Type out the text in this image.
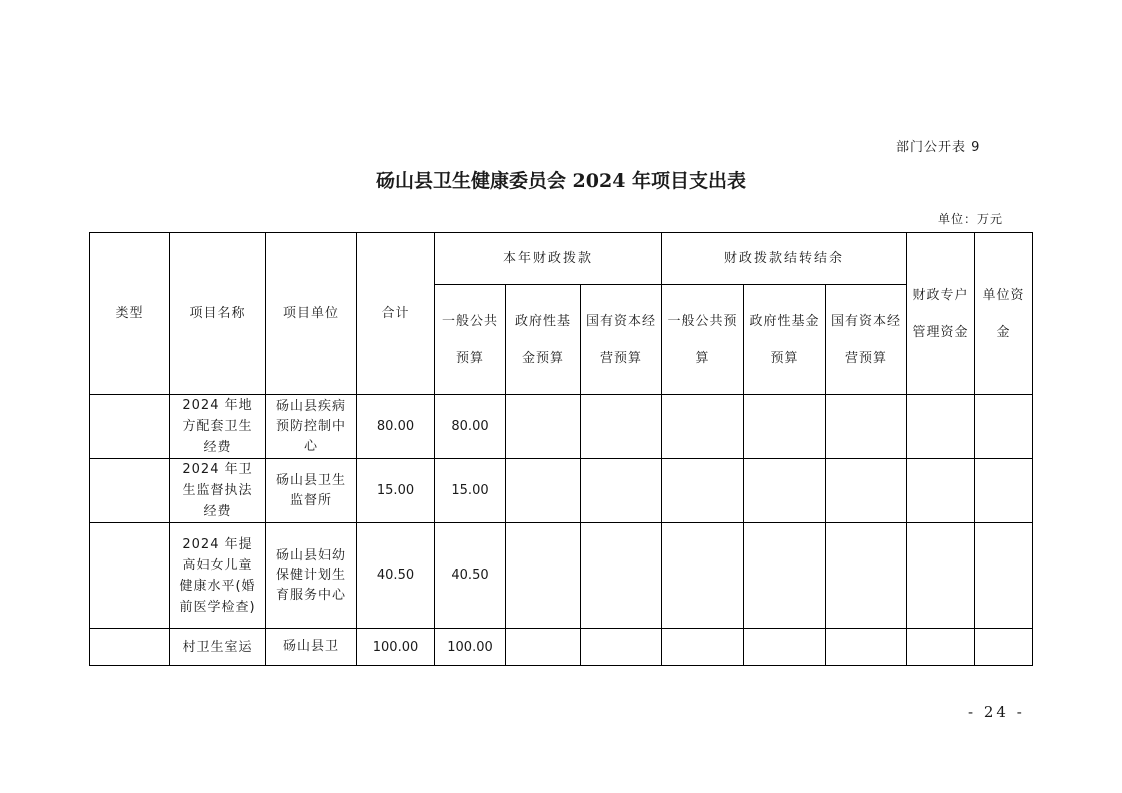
部门公开表 9
砀山县卫生健康委员会 2024 年项目支出表
单位：万元
类型	项目名称	项目单位	合计	本年财政拨款			财政拨款结转结余			财政专户管理资金	单位资金
				一般公共预算	政府性基金预算	国有资本经营预算	一般公共预算	政府性基金预算	国有资本经营预算		
	2024 年地方配套卫生经费	砀山县疾病预防控制中心	80.00	80.00							
	2024 年卫生监督执法经费	砀山县卫生监督所	15.00	15.00							
	2024 年提高妇女儿童健康水平(婚前医学检查)	砀山县妇幼保健计划生育服务中心	40.50	40.50							
	村卫生室运	砀山县卫	100.00	100.00							
- 24 -
